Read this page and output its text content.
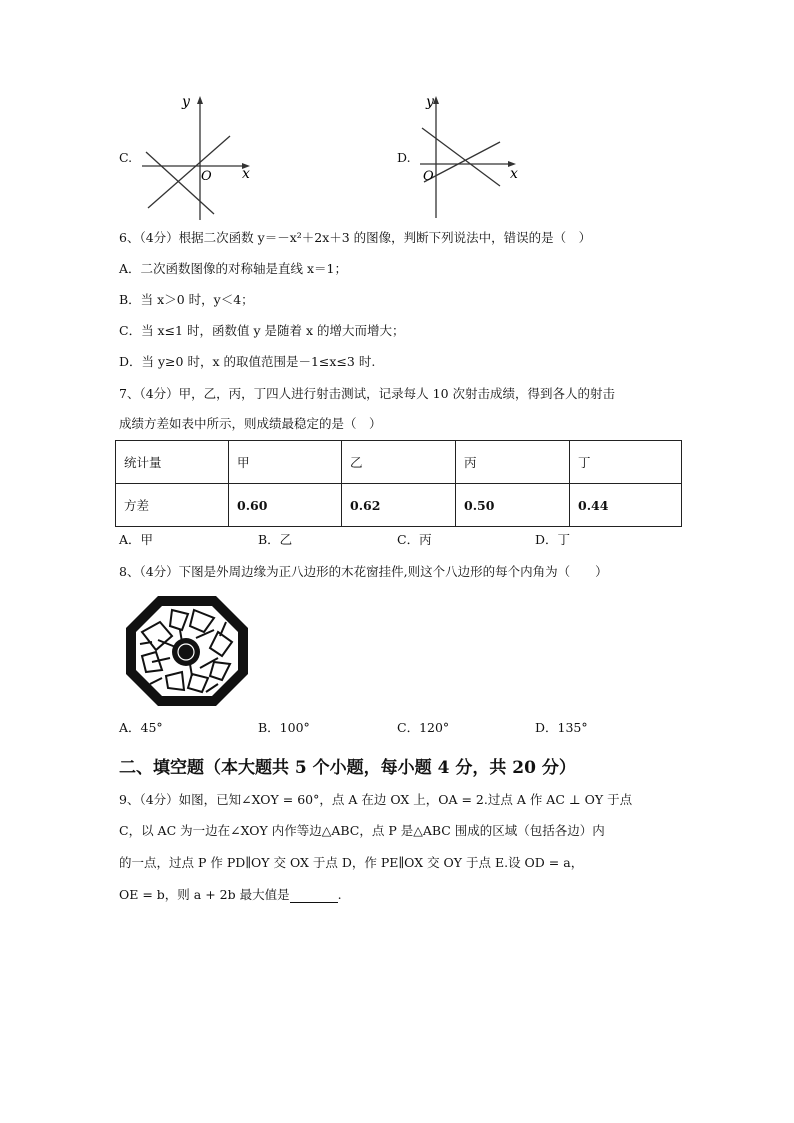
C.
y
x
O
D.
y
x
O
6、（4分）根据二次函数 y＝－x²＋2x＋3 的图像，判断下列说法中，错误的是（　）
A．二次函数图像的对称轴是直线 x＝1；
B．当 x＞0 时，y＜4；
C．当 x≤1 时，函数值 y 是随着 x 的增大而增大；
D．当 y≥0 时，x 的取值范围是－1≤x≤3 时.
7、（4分）甲，乙，丙，丁四人进行射击测试，记录每人 10 次射击成绩，得到各人的射击
成绩方差如表中所示，则成绩最稳定的是（　）
统计量	甲	乙	丙	丁
方差	0.60	0.62	0.50	0.44
A．甲	B．乙	C．丙	D．丁
8、（4分）下图是外周边缘为正八边形的木花窗挂件,则这个八边形的每个内角为（　　）
A．45°	B．100°	C．120°	D．135°
二、填空题（本大题共 5 个小题，每小题 4 分，共 20 分）
9、（4分）如图，已知∠XOY = 60°，点 A 在边 OX 上，OA = 2.过点 A 作 AC ⊥ OY 于点
C，以 AC 为一边在∠XOY 内作等边△ABC，点 P 是△ABC 围成的区域（包括各边）内
的一点，过点 P 作 PD∥OY 交 OX 于点 D，作 PE∥OX 交 OY 于点 E.设 OD = a，
OE = b，则 a + 2b 最大值是	.
